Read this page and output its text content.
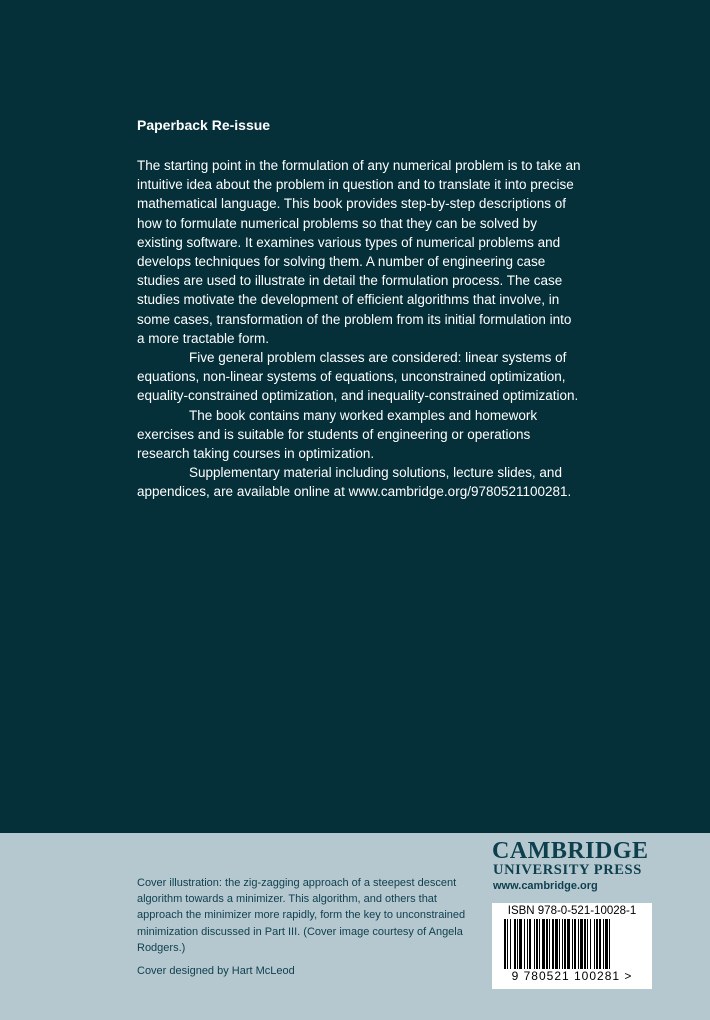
Paperback Re-issue

The starting point in the formulation of any numerical problem is to take an intuitive idea about the problem in question and to translate it into precise mathematical language. This book provides step-by-step descriptions of how to formulate numerical problems so that they can be solved by existing software. It examines various types of numerical problems and develops techniques for solving them. A number of engineering case studies are used to illustrate in detail the formulation process. The case studies motivate the development of efficient algorithms that involve, in some cases, transformation of the problem from its initial formulation into a more tractable form.

Five general problem classes are considered: linear systems of equations, non-linear systems of equations, unconstrained optimization, equality-constrained optimization, and inequality-constrained optimization.

The book contains many worked examples and homework exercises and is suitable for students of engineering or operations research taking courses in optimization.

Supplementary material including solutions, lecture slides, and appendices, are available online at www.cambridge.org/9780521100281.

Cover illustration: the zig-zagging approach of a steepest descent algorithm towards a minimizer. This algorithm, and others that approach the minimizer more rapidly, form the key to unconstrained minimization discussed in Part III. (Cover image courtesy of Angela Rodgers.)
Cover designed by Hart McLeod
CAMBRIDGE
UNIVERSITY PRESS
www.cambridge.org
ISBN 978-0-521-10028-1
9 780521 100281 >
